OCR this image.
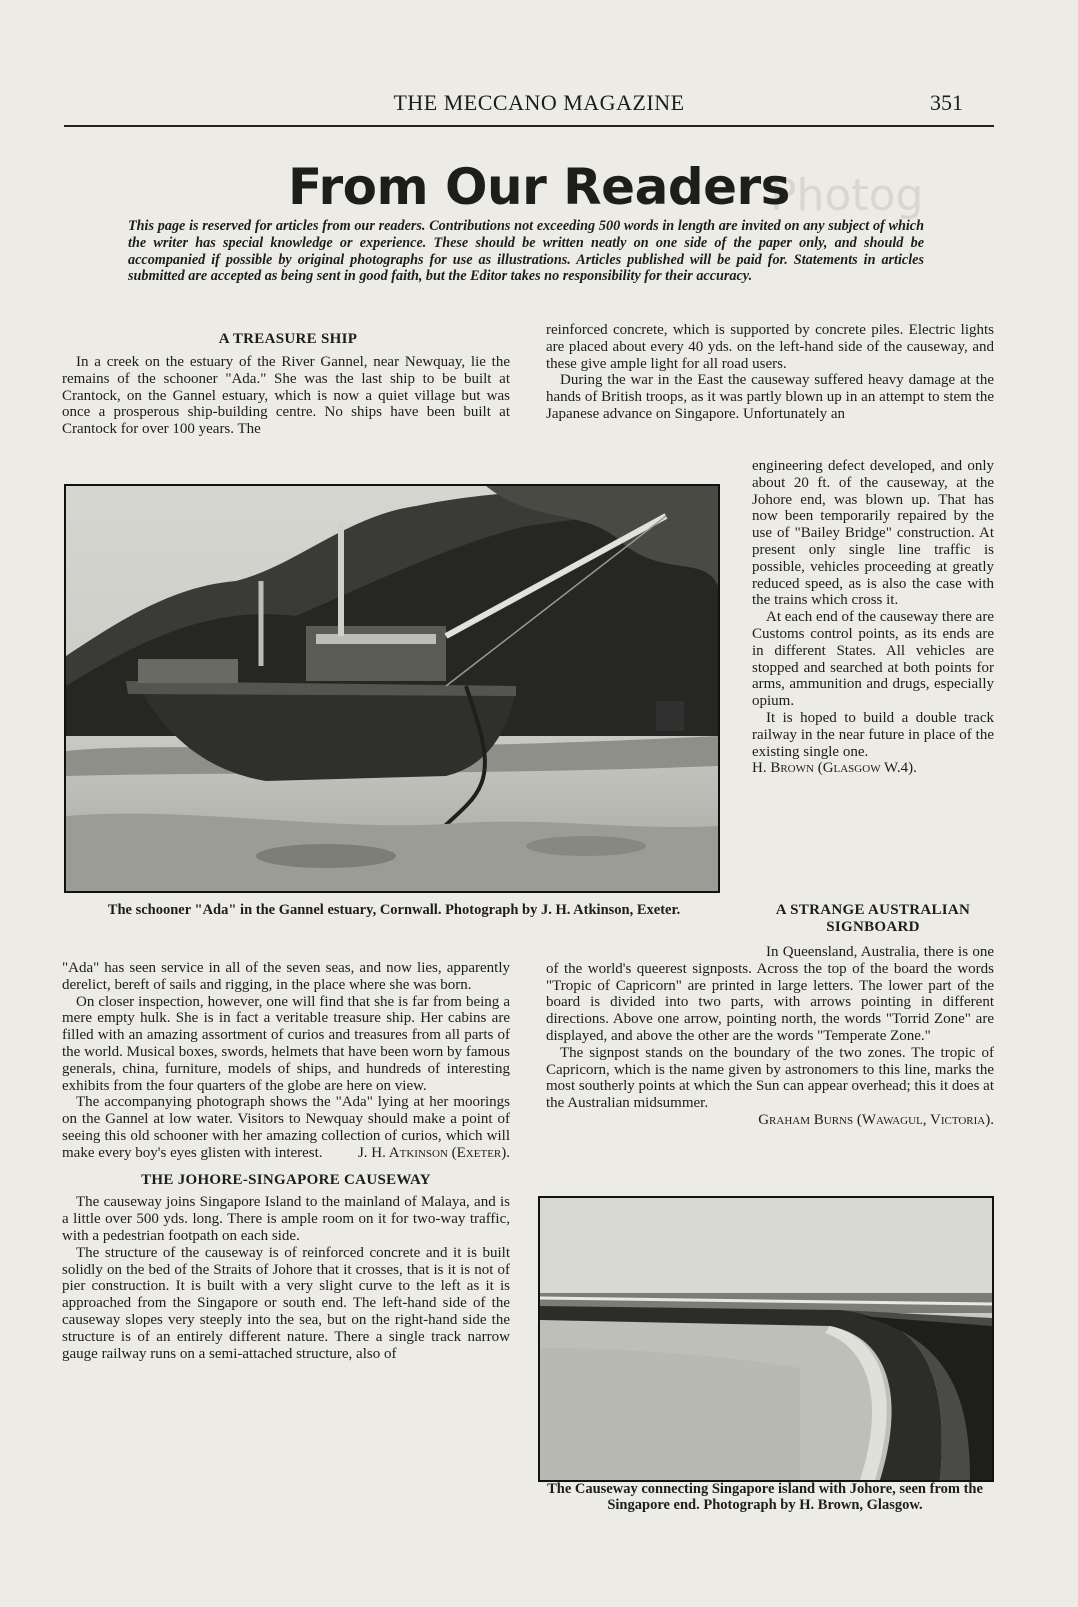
THE MECCANO MAGAZINE	351
Photog
From Our Readers
This page is reserved for articles from our readers. Contributions not exceeding 500 words in length are invited on any subject of which the writer has special knowledge or experience. These should be written neatly on one side of the paper only, and should be accompanied if possible by original photographs for use as illustrations. Articles published will be paid for. Statements in articles submitted are accepted as being sent in good faith, but the Editor takes no responsibility for their accuracy.
A TREASURE SHIP

In a creek on the estuary of the River Gannel, near Newquay, lie the remains of the schooner "Ada." She was the last ship to be built at Crantock, on the Gannel estuary, which is now a quiet village but was once a prosperous ship-building centre. No ships have been built at Crantock for over 100 years. The

reinforced concrete, which is supported by concrete piles. Electric lights are placed about every 40 yds. on the left-hand side of the causeway, and these give ample light for all road users.

During the war in the East the causeway suffered heavy damage at the hands of British troops, as it was partly blown up in an attempt to stem the Japanese advance on Singapore. Unfortunately an

engineering defect developed, and only about 20 ft. of the causeway, at the Johore end, was blown up. That has now been temporarily repaired by the use of "Bailey Bridge" construction. At present only single line traffic is possible, vehicles proceeding at greatly reduced speed, as is also the case with the trains which cross it.

At each end of the causeway there are Customs control points, as its ends are in different States. All vehicles are stopped and searched at both points for arms, ammunition and drugs, especially opium.

It is hoped to build a double track railway in the near future in place of the existing single one.

H. Brown (Glasgow W.4).
The schooner "Ada" in the Gannel estuary, Cornwall. Photograph by J. H. Atkinson, Exeter.	A STRANGE AUSTRALIAN SIGNBOARD

"Ada" has seen service in all of the seven seas, and now lies, apparently derelict, bereft of sails and rigging, in the place where she was born.

On closer inspection, however, one will find that she is far from being a mere empty hulk. She is in fact a veritable treasure ship. Her cabins are filled with an amazing assortment of curios and treasures from all parts of the world. Musical boxes, swords, helmets that have been worn by famous generals, china, furniture, models of ships, and hundreds of interesting exhibits from the four quarters of the globe are here on view.

The accompanying photograph shows the "Ada" lying at her moorings on the Gannel at low water. Visitors to Newquay should make a point of seeing this old schooner with her amazing collection of curios, which will make every boy's eyes glisten with interest.	J. H. Atkinson (Exeter).
THE JOHORE-SINGAPORE CAUSEWAY

The causeway joins Singapore Island to the mainland of Malaya, and is a little over 500 yds. long. There is ample room on it for two-way traffic, with a pedestrian footpath on each side.

The structure of the causeway is of reinforced concrete and it is built solidly on the bed of the Straits of Johore that it crosses, that is it is not of pier construction. It is built with a very slight curve to the left as it is approached from the Singapore or south end. The left-hand side of the causeway slopes very steeply into the sea, but on the right-hand side the structure is of an entirely different nature. There a single track narrow gauge railway runs on a semi-attached structure, also of

In Queensland, Australia, there is one of the world's queerest signposts. Across the top of the board the words "Tropic of Capricorn" are printed in large letters. The lower part of the board is divided into two parts, with arrows pointing in different directions. Above one arrow, pointing north, the words "Torrid Zone" are displayed, and above the other are the words "Temperate Zone."

The signpost stands on the boundary of the two zones. The tropic of Capricorn, which is the name given by astronomers to this line, marks the most southerly points at which the Sun can appear overhead; this it does at the Australian midsummer.

Graham Burns (Wawagul, Victoria).
The Causeway connecting Singapore island with Johore, seen from the Singapore end. Photograph by H. Brown, Glasgow.
